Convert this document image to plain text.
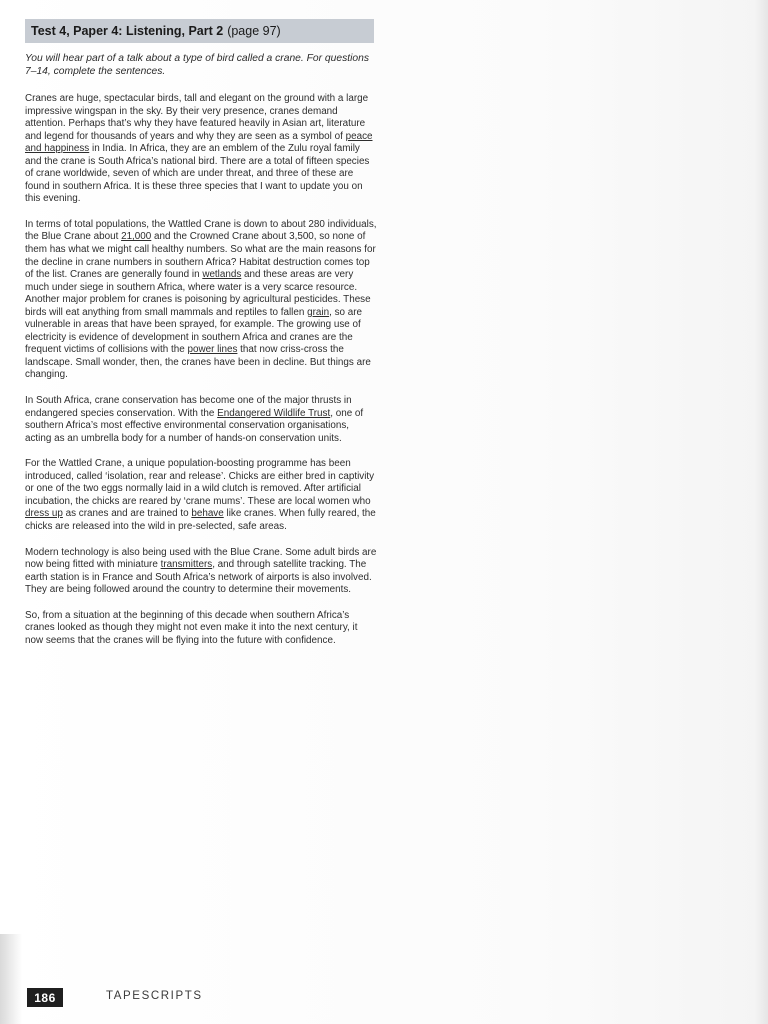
Test 4, Paper 4: Listening, Part 2 (page 97)

You will hear part of a talk about a type of bird called a crane. For questions 7–14, complete the sentences.

Cranes are huge, spectacular birds, tall and elegant on the ground with a large impressive wingspan in the sky. By their very presence, cranes demand attention. Perhaps that’s why they have featured heavily in Asian art, literature and legend for thousands of years and why they are seen as a symbol of peace and happiness in India. In Africa, they are an emblem of the Zulu royal family and the crane is South Africa’s national bird. There are a total of fifteen species of crane worldwide, seven of which are under threat, and three of these are found in southern Africa. It is these three species that I want to update you on this evening.

In terms of total populations, the Wattled Crane is down to about 280 individuals, the Blue Crane about 21,000 and the Crowned Crane about 3,500, so none of them has what we might call healthy numbers. So what are the main reasons for the decline in crane numbers in southern Africa? Habitat destruction comes top of the list. Cranes are generally found in wetlands and these areas are very much under siege in southern Africa, where water is a very scarce resource. Another major problem for cranes is poisoning by agricultural pesticides. These birds will eat anything from small mammals and reptiles to fallen grain, so are vulnerable in areas that have been sprayed, for example. The growing use of electricity is evidence of development in southern Africa and cranes are the frequent victims of collisions with the power lines that now criss-cross the landscape. Small wonder, then, the cranes have been in decline. But things are changing.

In South Africa, crane conservation has become one of the major thrusts in endangered species conservation. With the Endangered Wildlife Trust, one of southern Africa’s most effective environmental conservation organisations, acting as an umbrella body for a number of hands-on conservation units.

For the Wattled Crane, a unique population-boosting programme has been introduced, called ‘isolation, rear and release’. Chicks are either bred in captivity or one of the two eggs normally laid in a wild clutch is removed. After artificial incubation, the chicks are reared by ‘crane mums’. These are local women who dress up as cranes and are trained to behave like cranes. When fully reared, the chicks are released into the wild in pre-selected, safe areas.

Modern technology is also being used with the Blue Crane. Some adult birds are now being fitted with miniature transmitters, and through satellite tracking. The earth station is in France and South Africa’s network of airports is also involved. They are being followed around the country to determine their movements.

So, from a situation at the beginning of this decade when southern Africa’s cranes looked as though they might not even make it into the next century, it now seems that the cranes will be flying into the future with confidence.

186	TAPESCRIPTS
